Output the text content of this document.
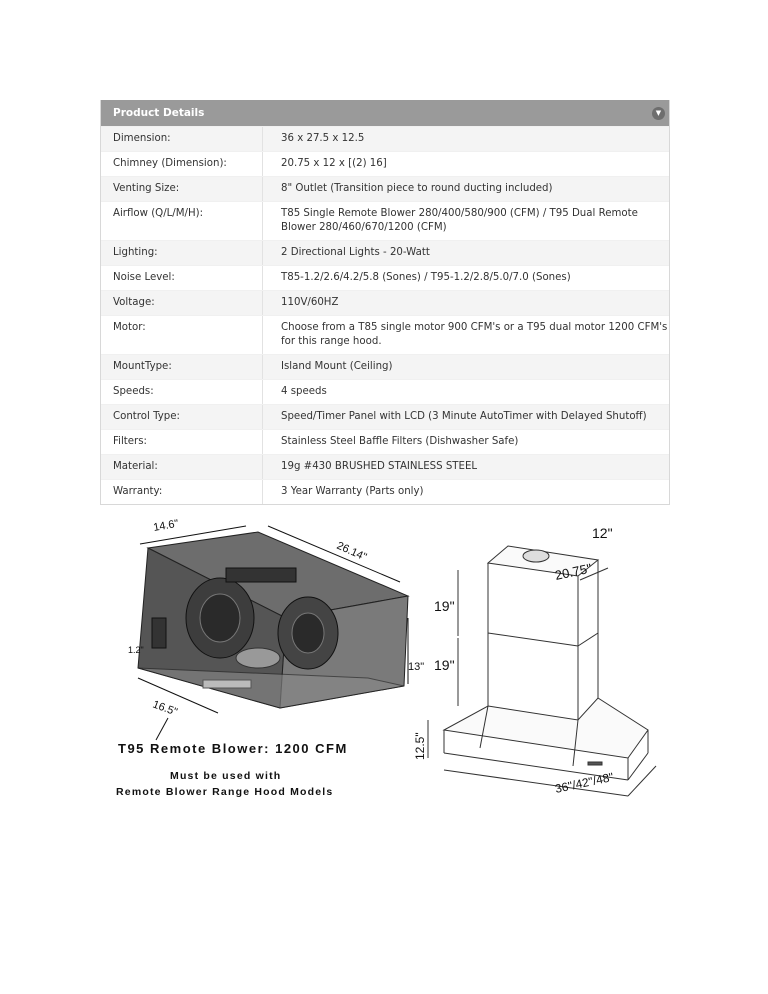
Product Details	▼
Dimension:	36 x 27.5 x 12.5
Chimney (Dimension):	20.75 x 12 x [(2) 16]
Venting Size:	8" Outlet (Transition piece to round ducting included)
Airflow (Q/L/M/H):	T85 Single Remote Blower 280/400/580/900 (CFM) / T95 Dual Remote Blower 280/460/670/1200 (CFM)
Lighting:	2 Directional Lights - 20-Watt
Noise Level:	T85-1.2/2.6/4.2/5.8 (Sones) / T95-1.2/2.8/5.0/7.0 (Sones)
Voltage:	110V/60HZ
Motor:	Choose from a T85 single motor 900 CFM's or a T95 dual motor 1200 CFM's for this range hood.
MountType:	Island Mount (Ceiling)
Speeds:	4 speeds
Control Type:	Speed/Timer Panel with LCD (3 Minute AutoTimer with Delayed Shutoff)
Filters:	Stainless Steel Baffle Filters (Dishwasher Safe)
Material:	19g #430 BRUSHED STAINLESS STEEL
Warranty:	3 Year Warranty (Parts only)
14.6"
26.14"
13"
16.5"
1.2"
T95 Remote Blower: 1200 CFM
Must be used with
Remote Blower Range Hood Models
12"
20.75"
19"
19"
12.5"
36"/42"/48"
